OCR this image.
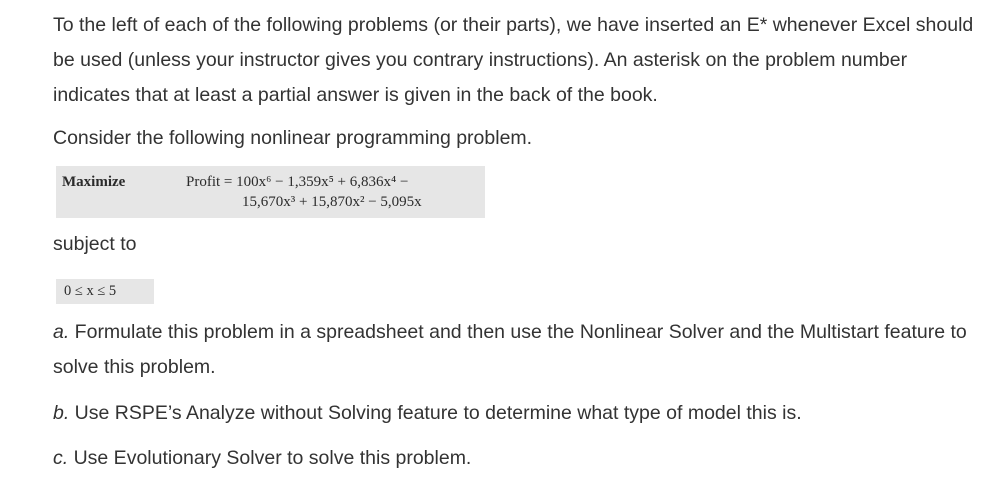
To the left of each of the following problems (or their parts), we have inserted an E* whenever Excel should be used (unless your instructor gives you contrary instructions). An asterisk on the problem number indicates that at least a partial answer is given in the back of the book.

Consider the following nonlinear programming problem.

Maximize	Profit = 100x⁶ − 1,359x⁵ + 6,836x⁴ −
15,670x³ + 15,870x² − 5,095x

subject to

0 ≤ x ≤ 5

a. Formulate this problem in a spreadsheet and then use the Nonlinear Solver and the Multistart feature to solve this problem.

b. Use RSPE’s Analyze without Solving feature to determine what type of model this is.

c. Use Evolutionary Solver to solve this problem.
